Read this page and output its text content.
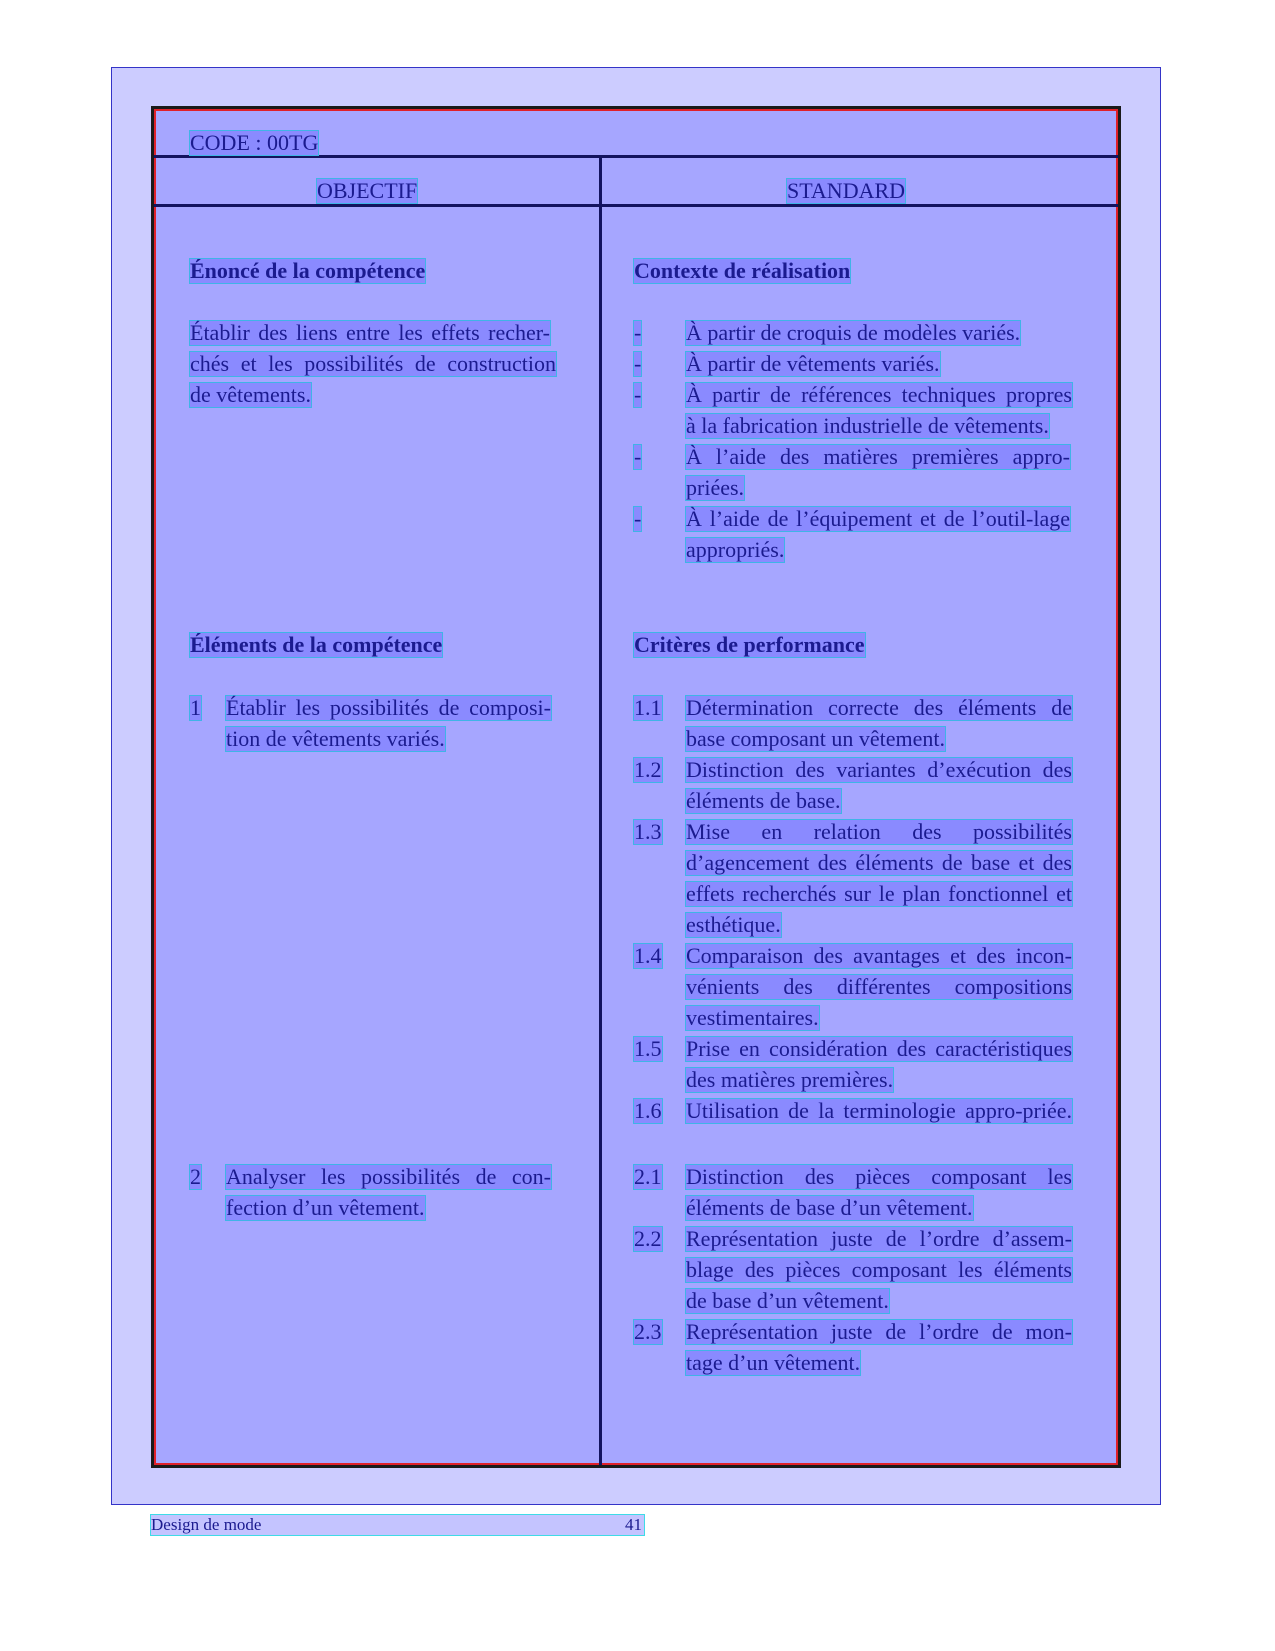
CODE : 00TG
OBJECTIF	STANDARD
Énoncé de la compétence
Établir des liens entre les effets recher-
chés et les possibilités de construction
de vêtements.
Contexte de réalisation
- À partir de croquis de modèles variés.
- À partir de vêtements variés.
- À partir de références techniques propres
à la fabrication industrielle de vêtements.
- À l’aide des matières premières appro-
priées.
- À l’aide de l’équipement et de l’outil-lage
appropriés.
Éléments de la compétence
1 Établir les possibilités de composi-
tion de vêtements variés.
2 Analyser les possibilités de con-
fection d’un vêtement.
Critères de performance
1.1 Détermination correcte des éléments de
base composant un vêtement.
1.2 Distinction des variantes d’exécution des
éléments de base.
1.3 Mise en relation des possibilités
d’agencement des éléments de base et des
effets recherchés sur le plan fonctionnel et
esthétique.
1.4 Comparaison des avantages et des incon-
vénients des différentes compositions
vestimentaires.
1.5 Prise en considération des caractéristiques
des matières premières.
1.6 Utilisation de la terminologie appro-priée.
2.1 Distinction des pièces composant les
éléments de base d’un vêtement.
2.2 Représentation juste de l’ordre d’assem-
blage des pièces composant les éléments
de base d’un vêtement.
2.3 Représentation juste de l’ordre de mon-
tage d’un vêtement.
Design de mode	41
